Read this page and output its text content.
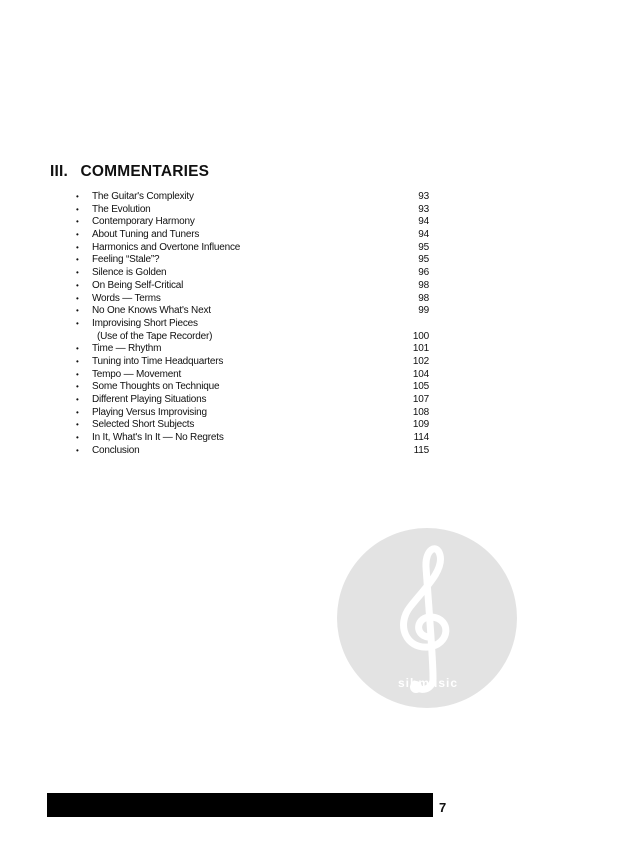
III. COMMENTARIES
• The Guitar's Complexity	93
• The Evolution	93
• Contemporary Harmony	94
• About Tuning and Tuners	94
• Harmonics and Overtone Influence	95
• Feeling “Stale”?	95
• Silence is Golden	96
• On Being Self-Critical	98
• Words — Terms	98
• No One Knows What's Next	99
• Improvising Short Pieces
(Use of the Tape Recorder)	100
• Time — Rhythm	101
• Tuning into Time Headquarters	102
• Tempo — Movement	104
• Some Thoughts on Technique	105
• Different Playing Situations	107
• Playing Versus Improvising	108
• Selected Short Subjects	109
• In It, What's In It — No Regrets	114
• Conclusion	115
sibmusic
7
